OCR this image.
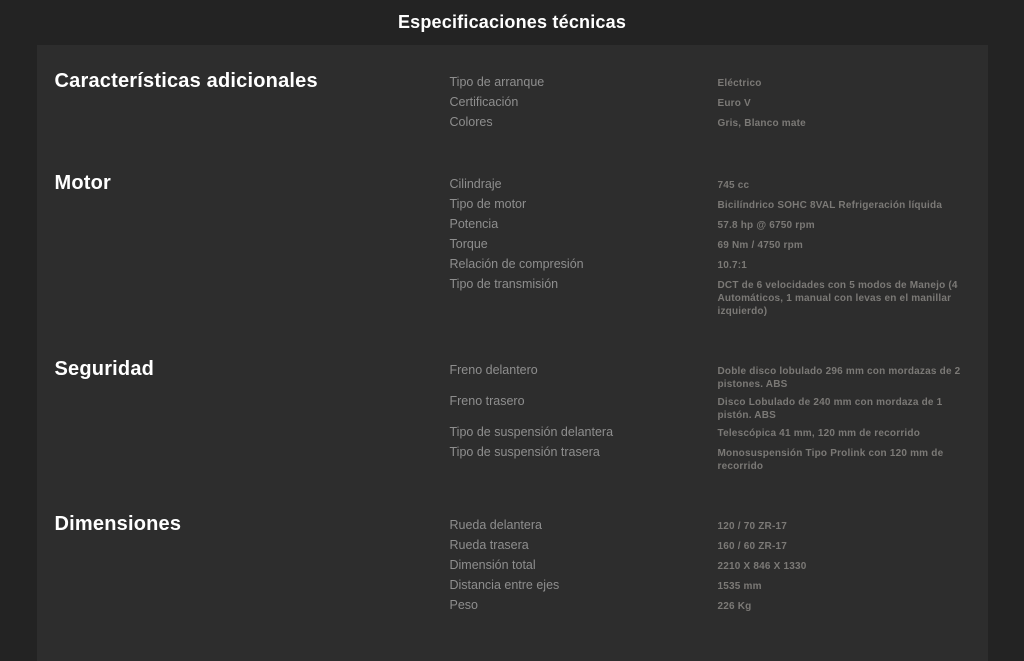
Especificaciones técnicas
Características adicionales	Tipo de arranque	Eléctrico
Certificación	Euro V
Colores	Gris, Blanco mate
Motor	Cilindraje	745 cc
Tipo de motor	Bicilíndrico SOHC 8VAL Refrigeración líquida
Potencia	57.8 hp @ 6750 rpm
Torque	69 Nm / 4750 rpm
Relación de compresión	10.7:1
Tipo de transmisión	DCT de 6 velocidades con 5 modos de Manejo (4 Automáticos, 1 manual con levas en el manillar izquierdo)
Seguridad	Freno delantero	Doble disco lobulado 296 mm con mordazas de 2 pistones. ABS
Freno trasero	Disco Lobulado de 240 mm con mordaza de 1 pistón. ABS
Tipo de suspensión delantera	Telescópica 41 mm, 120 mm de recorrido
Tipo de suspensión trasera	Monosuspensión Tipo Prolink con 120 mm de recorrido
Dimensiones	Rueda delantera	120 / 70 ZR-17
Rueda trasera	160 / 60 ZR-17
Dimensión total	2210 X 846 X 1330
Distancia entre ejes	1535 mm
Peso	226 Kg
